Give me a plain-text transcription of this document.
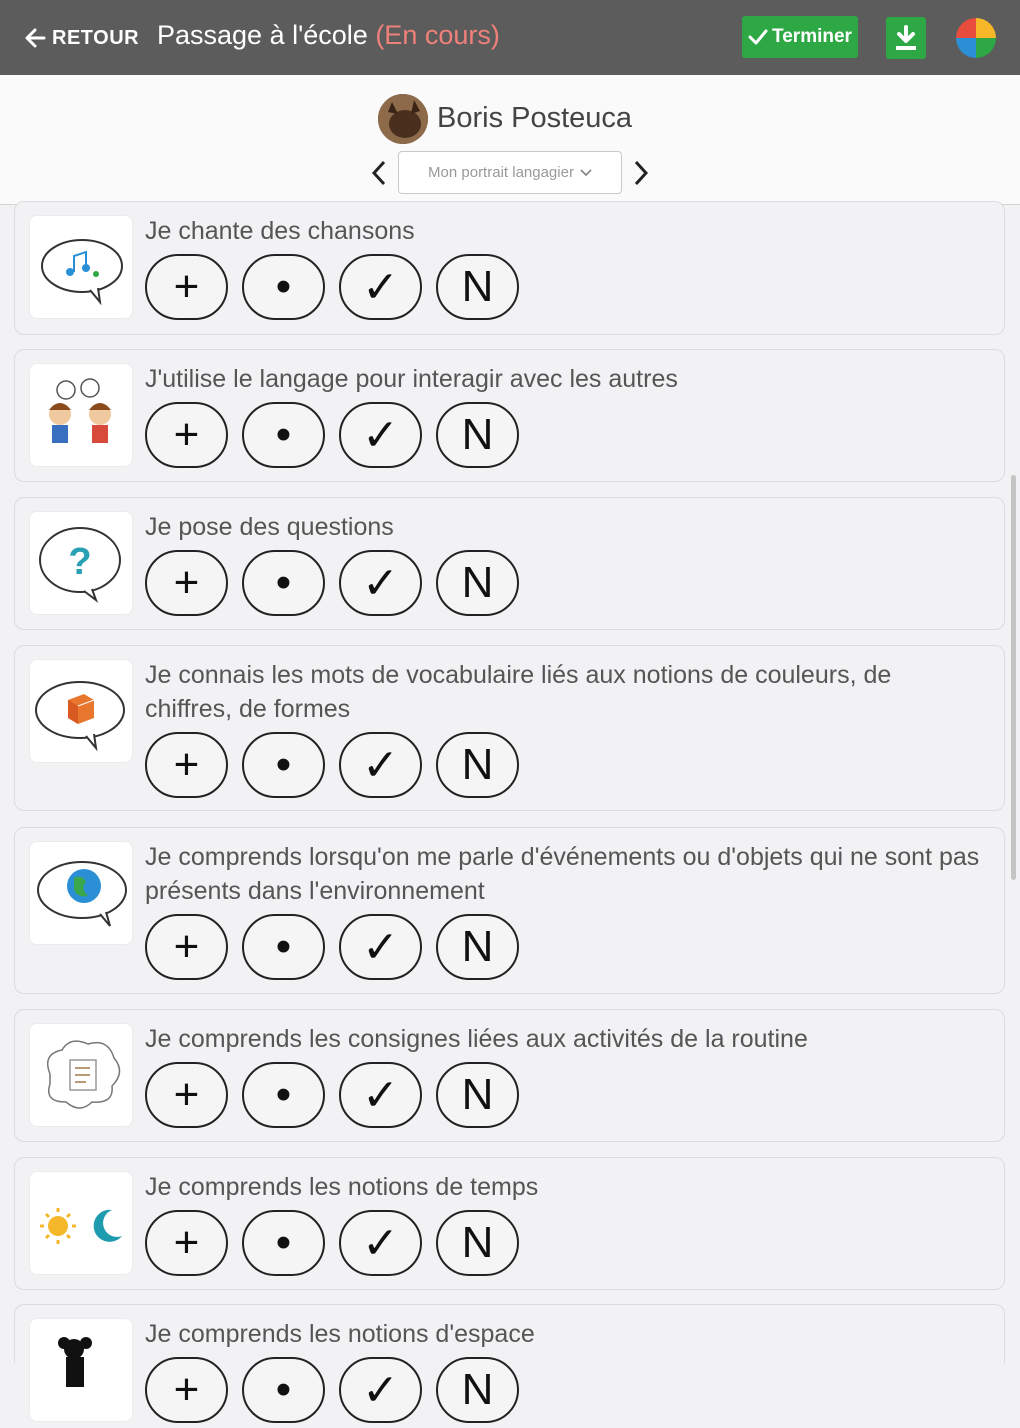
RETOUR Passage à l'école (En cours)	Terminer
Boris Posteuca
Mon portrait langagier
Je chante des chansons
+	•	✓	N
J'utilise le langage pour interagir avec les autres
+	•	✓	N
?
Je pose des questions
+	•	✓	N
Je connais les mots de vocabulaire liés aux notions de couleurs, de chiffres, de formes
+	•	✓	N
Je comprends lorsqu'on me parle d'événements ou d'objets qui ne sont pas présents dans l'environnement
+	•	✓	N
Je comprends les consignes liées aux activités de la routine
+	•	✓	N
Je comprends les notions de temps
+	•	✓	N
Je comprends les notions d'espace
+	•	✓	N
